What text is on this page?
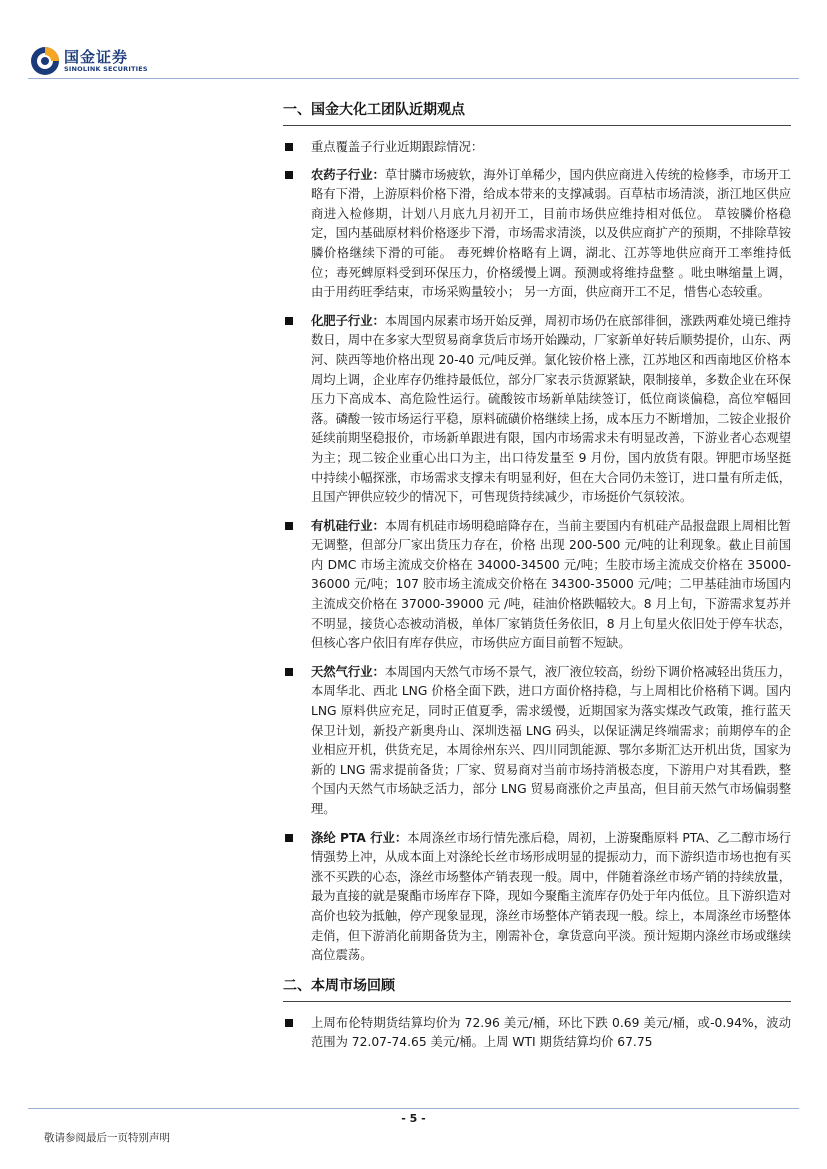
国金证券
SINOLINK SECURITIES
一、国金大化工团队近期观点
重点覆盖子行业近期跟踪情况：
农药子行业：草甘膦市场疲软，海外订单稀少，国内供应商进入传统的检修季，市场开工略有下滑，上游原料价格下滑，给成本带来的支撑减弱。百草枯市场清淡，浙江地区供应商进入检修期，计划八月底九月初开工，目前市场供应维持相对低位。 草铵膦价格稳定，国内基础原材料价格逐步下滑，市场需求清淡，以及供应商扩产的预期，不排除草铵膦价格继续下滑的可能。 毒死蜱价格略有上调，湖北、江苏等地供应商开工率维持低位；毒死蜱原料受到环保压力，价格缓慢上调。预测或将维持盘整 。吡虫啉缩量上调，由于用药旺季结束，市场采购量较小； 另一方面，供应商开工不足，惜售心态较重。
化肥子行业：本周国内尿素市场开始反弹，周初市场仍在底部徘徊，涨跌两难处境已维持数日，周中在多家大型贸易商拿货后市场开始躁动，厂家新单好转后顺势提价，山东、两河、陕西等地价格出现 20-40 元/吨反弹。氯化铵价格上涨，江苏地区和西南地区价格本周均上调，企业库存仍维持最低位，部分厂家表示货源紧缺，限制接单，多数企业在环保压力下高成本、高危险性运行。硫酸铵市场新单陆续签订，低位商谈偏稳，高位窄幅回落。磷酸一铵市场运行平稳，原料硫磺价格继续上扬，成本压力不断增加，二铵企业报价延续前期坚稳报价，市场新单跟进有限，国内市场需求未有明显改善，下游业者心态观望为主；现二铵企业重心出口为主，出口待发量至 9 月份，国内放货有限。钾肥市场坚挺中持续小幅探涨，市场需求支撑未有明显利好，但在大合同仍未签订，进口量有所走低，且国产钾供应较少的情况下，可售现货持续减少，市场挺价气氛较浓。
有机硅行业：本周有机硅市场明稳暗降存在，当前主要国内有机硅产品报盘跟上周相比暂无调整，但部分厂家出货压力存在，价格 出现 200-500 元/吨的让利现象。截止目前国内 DMC 市场主流成交价格在 34000-34500 元/吨；生胶市场主流成交价格在 35000-36000 元/吨；107 胶市场主流成交价格在 34300-35000 元/吨；二甲基硅油市场国内主流成交价格在 37000-39000 元 /吨，硅油价格跌幅较大。8 月上旬，下游需求复苏并不明显，接货心态被动消极，单体厂家销货任务依旧，8 月上旬星火依旧处于停车状态，但核心客户依旧有库存供应，市场供应方面目前暂不短缺。
天然气行业：本周国内天然气市场不景气，液厂液位较高，纷纷下调价格减轻出货压力，本周华北、西北 LNG 价格全面下跌，进口方面价格持稳，与上周相比价格稍下调。国内 LNG 原料供应充足，同时正值夏季，需求缓慢，近期国家为落实煤改气政策，推行蓝天保卫计划，新投产新奥舟山、深圳迭福 LNG 码头，以保证满足终端需求；前期停车的企业相应开机，供货充足，本周徐州东兴、四川同凯能源、鄂尔多斯汇达开机出货，国家为新的 LNG 需求提前备货；厂家、贸易商对当前市场持消极态度，下游用户对其看跌，整个国内天然气市场缺乏活力，部分 LNG 贸易商涨价之声虽高，但目前天然气市场偏弱整理。
涤纶 PTA 行业：本周涤丝市场行情先涨后稳，周初，上游聚酯原料 PTA、乙二醇市场行情强势上冲，从成本面上对涤纶长丝市场形成明显的提振动力，而下游织造市场也抱有买涨不买跌的心态，涤丝市场整体产销表现一般。周中，伴随着涤丝市场产销的持续放量，最为直接的就是聚酯市场库存下降，现如今聚酯主流库存仍处于年内低位。且下游织造对高价也较为抵触，停产现象显现，涤丝市场整体产销表现一般。综上，本周涤丝市场整体走俏，但下游消化前期备货为主，刚需补仓，拿货意向平淡。预计短期内涤丝市场或继续高位震荡。
二、本周市场回顾
上周布伦特期货结算均价为 72.96 美元/桶，环比下跌 0.69 美元/桶，或-0.94%，波动范围为 72.07-74.65 美元/桶。上周 WTI 期货结算均价 67.75
- 5 -
敬请参阅最后一页特别声明
